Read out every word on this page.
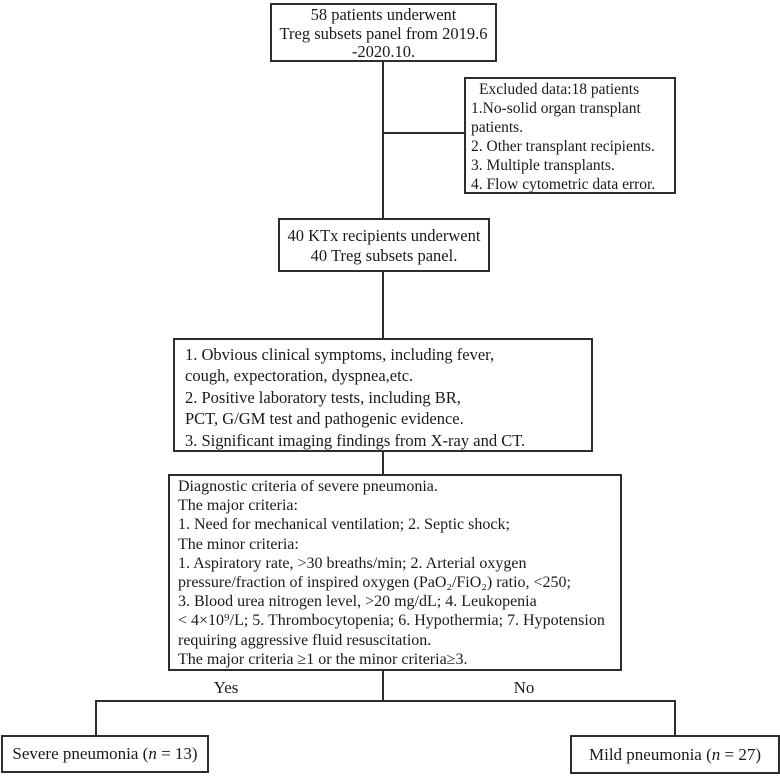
58 patients underwent
Treg subsets panel from 2019.6
-2020.10.
Excluded data:18 patients
1.No-solid organ transplant
patients.
2. Other transplant recipients.
3. Multiple transplants.
4. Flow cytometric data error.
40 KTx recipients underwent
40 Treg subsets panel.
1. Obvious clinical symptoms, including fever,
cough, expectoration, dyspnea,etc.
2. Positive laboratory tests, including BR,
PCT, G/GM test and pathogenic evidence.
3. Significant imaging findings from X-ray and CT.
Diagnostic criteria of severe pneumonia.
The major criteria:
1. Need for mechanical ventilation; 2. Septic shock;
The minor criteria:
1. Aspiratory rate, >30 breaths/min; 2. Arterial oxygen
pressure/fraction of inspired oxygen (PaO₂/FiO₂) ratio, <250;
3. Blood urea nitrogen level, >20 mg/dL; 4. Leukopenia
< 4×10⁹/L; 5. Thrombocytopenia; 6. Hypothermia; 7. Hypotension
requiring aggressive fluid resuscitation.
The major criteria ≥1 or the minor criteria≥3.
Yes	No
Severe pneumonia (n = 13)	Mild pneumonia (n = 27)
